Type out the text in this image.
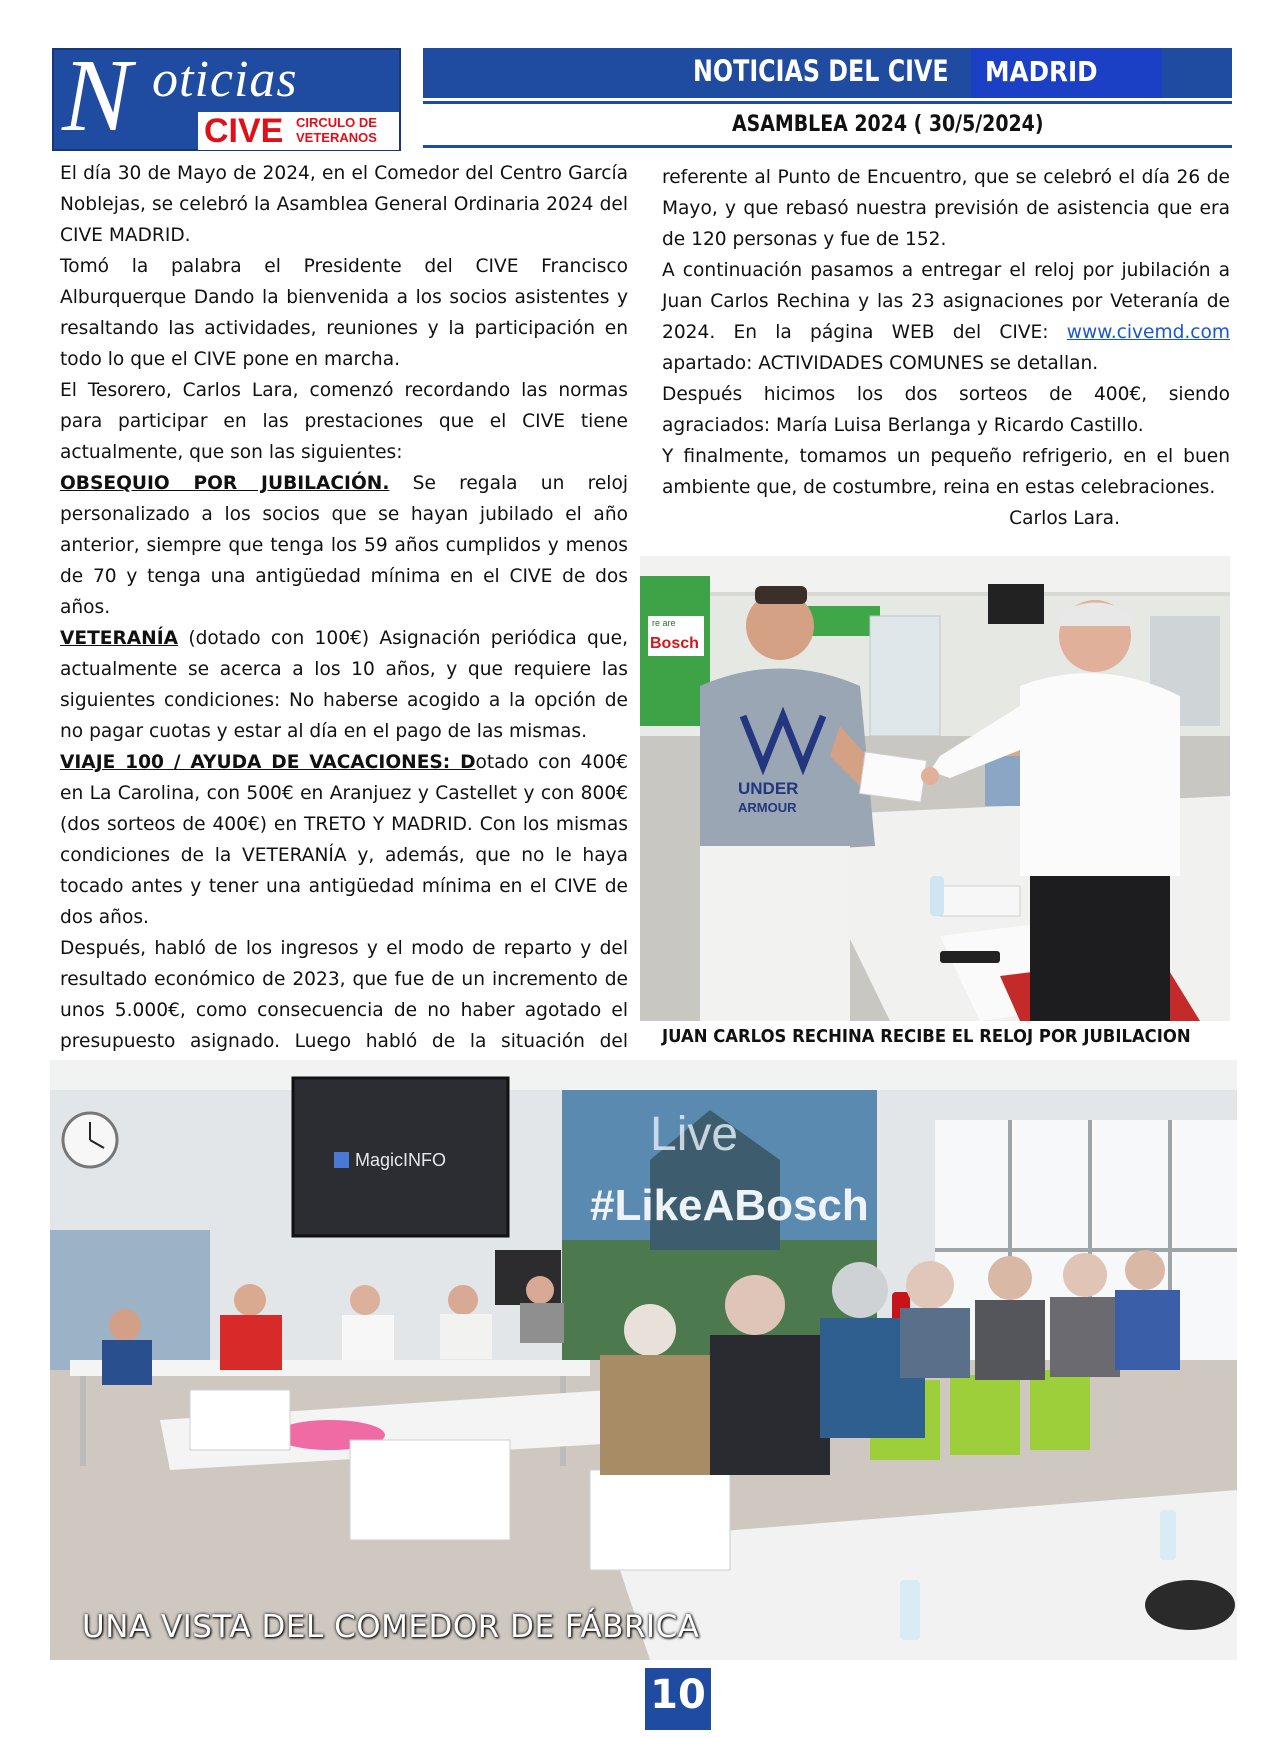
N oticias
CIVE CIRCULO DE
VETERANOS
NOTICIAS DEL CIVE MADRID
ASAMBLEA 2024 ( 30/5/2024)

El día 30 de Mayo de 2024, en el Comedor del Centro García Noblejas, se celebró la Asamblea General Ordinaria 2024 del CIVE MADRID.

Tomó la palabra el Presidente del CIVE Francisco Alburquerque Dando la bienvenida a los socios asistentes y resaltando las actividades, reuniones y la participación en todo lo que el CIVE pone en marcha.

El Tesorero, Carlos Lara, comenzó recordando las normas para participar en las prestaciones que el CIVE tiene actualmente, que son las siguientes:

OBSEQUIO POR JUBILACIÓN. Se regala un reloj personalizado a los socios que se hayan jubilado el año anterior, siempre que tenga los 59 años cumplidos y menos de 70 y tenga una antigüedad mínima en el CIVE de dos años.

VETERANÍA (dotado con 100€) Asignación periódica que, actualmente se acerca a los 10 años, y que requiere las siguientes condiciones: No haberse acogido a la opción de no pagar cuotas y estar al día en el pago de las mismas.

VIAJE 100 / AYUDA DE VACACIONES: Dotado con 400€ en La Carolina, con 500€ en Aranjuez y Castellet y con 800€ (dos sorteos de 400€) en TRETO Y MADRID. Con los mismas condiciones de la VETERANÍA y, además, que no le haya tocado antes y tener una antigüedad mínima en el CIVE de dos años.

Después, habló de los ingresos y el modo de reparto y del resultado económico de 2023, que fue de un incremento de unos 5.000€, como consecuencia de no haber agotado el presupuesto asignado. Luego habló de la situación del

referente al Punto de Encuentro, que se celebró el día 26 de Mayo, y que rebasó nuestra previsión de asistencia que era de 120 personas y fue de 152.

A continuación pasamos a entregar el reloj por jubilación a Juan Carlos Rechina y las 23 asignaciones por Veteranía de 2024. En la página WEB del CIVE: www.civemd.com apartado: ACTIVIDADES COMUNES se detallan.

Después hicimos los dos sorteos de 400€, siendo agraciados: María Luisa Berlanga y Ricardo Castillo.

Y finalmente, tomamos un pequeño refrigerio, en el buen ambiente que, de costumbre, reina en estas celebraciones.

Carlos Lara.

re are
Bosch
UNDER
ARMOUR
JUAN CARLOS RECHINA RECIBE EL RELOJ POR JUBILACION
MagicINFO	Live
#LikeABosch
UNA VISTA DEL COMEDOR DE FÁBRICA
10
